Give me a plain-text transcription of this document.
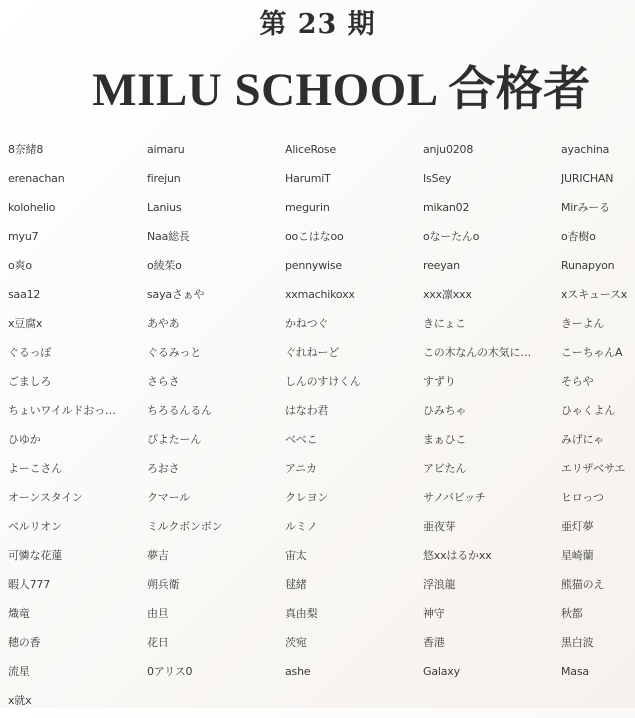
第 23 期
MILU SCHOOL 合格者
8奈緒8	aimaru	AliceRose	anju0208	ayachina
erenachan	firejun	HarumiT	IsSey	JURICHAN
kolohelio	Lanius	megurin	mikan02	Mirみーる
myu7	Naa総長	ooこはなoo	oなーたんo	o杏樹o
o爽o	o綾茱o	pennywise	reeyan	Runapyon
saa12	sayaさぁや	xxmachikoxx	xxx凛xxx	xスキュースx
x豆腐x	あやあ	かねつぐ	きにょこ	きーよん
ぐるっぽ	ぐるみっと	ぐれねーど	この木なんの木気に…	こーちゃんA
ごましろ	さらさ	しんのすけくん	すずり	そらや
ちょいワイルドおっ…	ちろるんるん	はなわ君	ひみちゃ	ひゃくよん
ひゆか	ぴよたーん	べべこ	まぁひこ	みげにゃ
よーこさん	ろおさ	アニカ	アビたん	エリザベサエ
オーンスタイン	クマール	クレヨン	サノバビッチ	ヒロっつ
ベルリオン	ミルクボンボン	ルミノ	亜夜芽	亜灯夢
可憐な花蓮	夢吉	宙太	悠xxはるかxx	星崎蘭
暇人777	朔兵衛	毬緒	浮浪龍	熊猫のえ
熾竜	由旦	真由梨	神守	秋都
穂の香	花日	茨宛	香港	黒白波
流星	0アリス0	ashe	Galaxy	Masa
x就x
